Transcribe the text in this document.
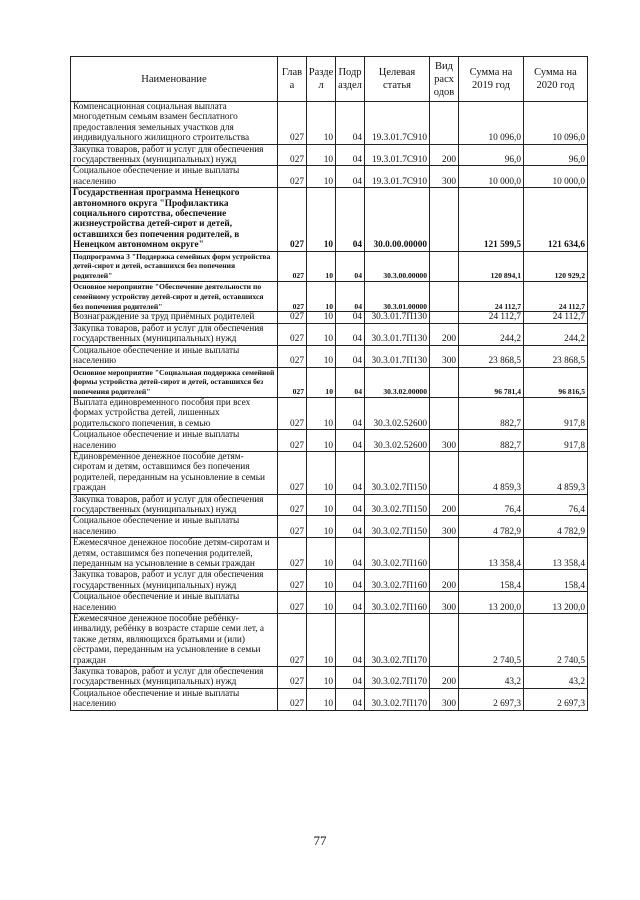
Наименование	Глав а	Разде л	Подр аздел	Целевая статья	Вид расх одов	Сумма на 2019 год	Сумма на 2020 год
Компенсационная социальная выплата многодетным семьям взамен бесплатного предоставления земельных участков для индивидуального жилищного строительства	027	10	04	19.3.01.7С910		10 096,0	10 096,0
Закупка товаров, работ и услуг для обеспечения государственных (муниципальных) нужд	027	10	04	19.3.01.7С910	200	96,0	96,0
Социальное обеспечение и иные выплаты населению	027	10	04	19.3.01.7С910	300	10 000,0	10 000,0
Государственная программа Ненецкого автономного округа "Профилактика социального сиротства, обеспечение жизнеустройства детей-сирот и детей, оставшихся без попечения родителей, в Ненецком автономном округе"	027	10	04	30.0.00.00000		121 599,5	121 634,6
Подпрограмма 3 "Поддержка семейных форм устройства детей-сирот и детей, оставшихся без попечения родителей"	027	10	04	30.3.00.00000		120 894,1	120 929,2
Основное мероприятие "Обеспечение деятельности по семейному устройству детей-сирот и детей, оставшихся без попечения родителей"	027	10	04	30.3.01.00000		24 112,7	24 112,7
Вознаграждение за труд приёмных родителей	027	10	04	30.3.01.7П130		24 112,7	24 112,7
Закупка товаров, работ и услуг для обеспечения государственных (муниципальных) нужд	027	10	04	30.3.01.7П130	200	244,2	244,2
Социальное обеспечение и иные выплаты населению	027	10	04	30.3.01.7П130	300	23 868,5	23 868,5
Основное мероприятие "Социальная поддержка семейной формы устройства детей-сирот и детей, оставшихся без попечения родителей"	027	10	04	30.3.02.00000		96 781,4	96 816,5
Выплата единовременного пособия при всех формах устройства детей, лишенных родительского попечения, в семью	027	10	04	30.3.02.52600		882,7	917,8
Социальное обеспечение и иные выплаты населению	027	10	04	30.3.02.52600	300	882,7	917,8
Единовременное денежное пособие детям-сиротам и детям, оставшимся без попечения родителей, переданным на усыновление в семьи граждан	027	10	04	30.3.02.7П150		4 859,3	4 859,3
Закупка товаров, работ и услуг для обеспечения государственных (муниципальных) нужд	027	10	04	30.3.02.7П150	200	76,4	76,4
Социальное обеспечение и иные выплаты населению	027	10	04	30.3.02.7П150	300	4 782,9	4 782,9
Ежемесячное денежное пособие детям-сиротам и детям, оставшимся без попечения родителей, переданным на усыновление в семьи граждан	027	10	04	30.3.02.7П160		13 358,4	13 358,4
Закупка товаров, работ и услуг для обеспечения государственных (муниципальных) нужд	027	10	04	30.3.02.7П160	200	158,4	158,4
Социальное обеспечение и иные выплаты населению	027	10	04	30.3.02.7П160	300	13 200,0	13 200,0
Ежемесячное денежное пособие ребёнку-инвалиду, ребёнку в возрасте старше семи лет, а также детям, являющихся братьями и (или) сёстрами, переданным на усыновление в семьи граждан	027	10	04	30.3.02.7П170		2 740,5	2 740,5
Закупка товаров, работ и услуг для обеспечения государственных (муниципальных) нужд	027	10	04	30.3.02.7П170	200	43,2	43,2
Социальное обеспечение и иные выплаты населению	027	10	04	30.3.02.7П170	300	2 697,3	2 697,3
77
